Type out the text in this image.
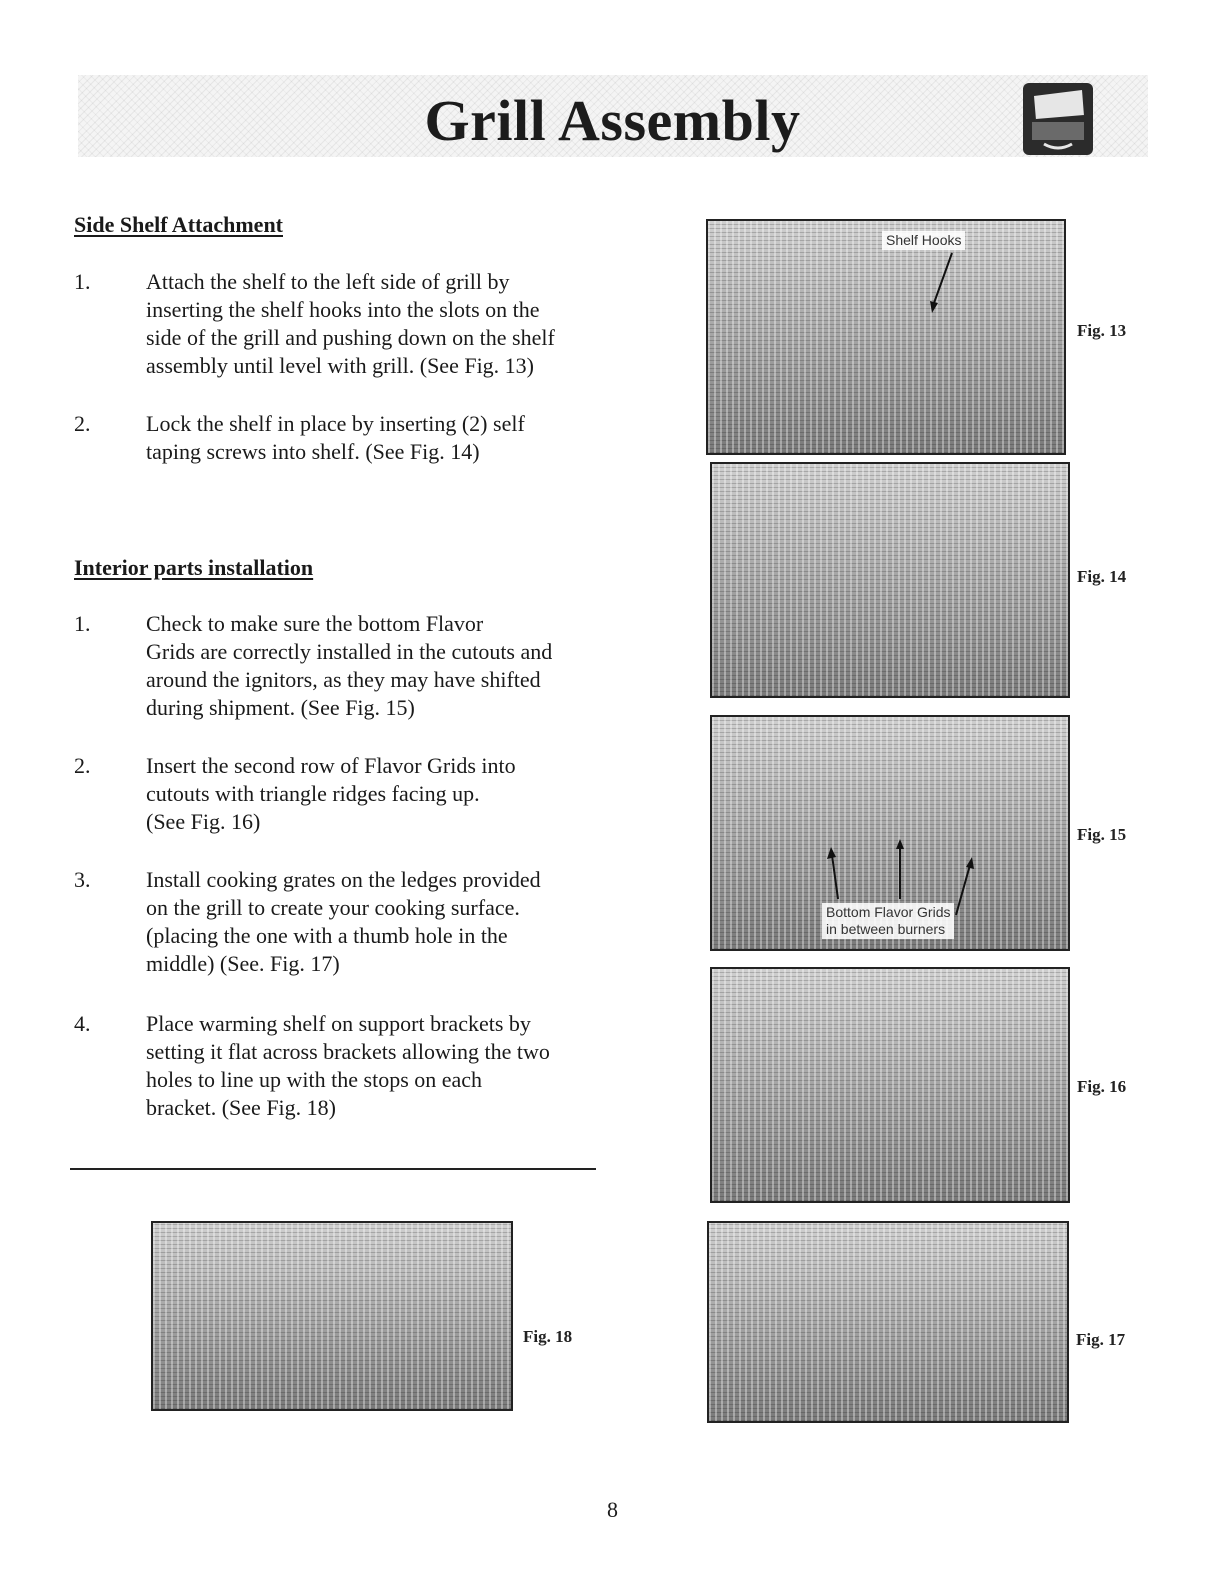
Grill Assembly
Side Shelf Attachment
1.	Attach the shelf to the left side of grill by
inserting the shelf hooks into the slots on the
side of the grill and pushing down on the shelf
assembly until level with grill. (See Fig. 13)
2.	Lock the shelf in place by inserting (2) self
taping screws into shelf. (See Fig. 14)
Interior parts installation
1.	Check to make sure the bottom Flavor
Grids are correctly installed in the cutouts and
around the ignitors, as they may have shifted
during shipment. (See Fig. 15)
2.	Insert the second row of Flavor Grids into
cutouts with triangle ridges facing up.
(See Fig. 16)
3.	Install cooking grates on the ledges provided
on the grill to create your cooking surface.
(placing the one with a thumb hole in the
middle) (See. Fig. 17)
4.	Place warming shelf on support brackets by
setting it flat across brackets allowing the two
holes to line up with the stops on each
bracket. (See Fig. 18)
Shelf Hooks
Fig. 13
Fig. 14
Bottom Flavor Grids
in between burners
Fig. 15
Fig. 16
Fig. 17
Fig. 18
8
